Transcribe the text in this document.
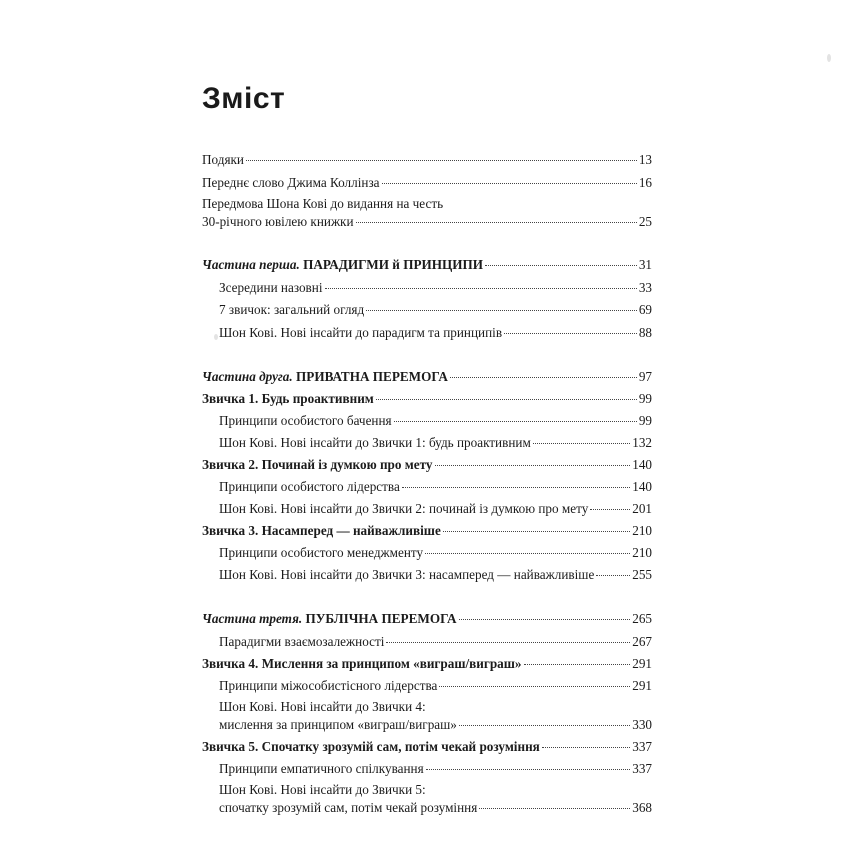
Зміст
Подяки	13
Переднє слово Джима Коллінза	16
Передмова Шона Кові до видання на честь
30-річного ювілею книжки	25
Частина перша. ПАРАДИГМИ й ПРИНЦИПИ	31
Зсередини назовні	33
7 звичок: загальний огляд	69
Шон Кові. Нові інсайти до парадигм та принципів	88
Частина друга. ПРИВАТНА ПЕРЕМОГА	97
Звичка 1. Будь проактивним	99
Принципи особистого бачення	99
Шон Кові. Нові інсайти до Звички 1: будь проактивним	132
Звичка 2. Починай із думкою про мету	140
Принципи особистого лідерства	140
Шон Кові. Нові інсайти до Звички 2: починай із думкою про мету	201
Звичка 3. Насамперед — найважливіше	210
Принципи особистого менеджменту	210
Шон Кові. Нові інсайти до Звички 3: насамперед — найважливіше	255
Частина третя. ПУБЛІЧНА ПЕРЕМОГА	265
Парадигми взаємозалежності	267
Звичка 4. Мислення за принципом «виграш/виграш»	291
Принципи міжособистісного лідерства	291
Шон Кові. Нові інсайти до Звички 4:
мислення за принципом «виграш/виграш»	330
Звичка 5. Спочатку зрозумій сам, потім чекай розуміння	337
Принципи емпатичного спілкування	337
Шон Кові. Нові інсайти до Звички 5:
спочатку зрозумій сам, потім чекай розуміння	368
